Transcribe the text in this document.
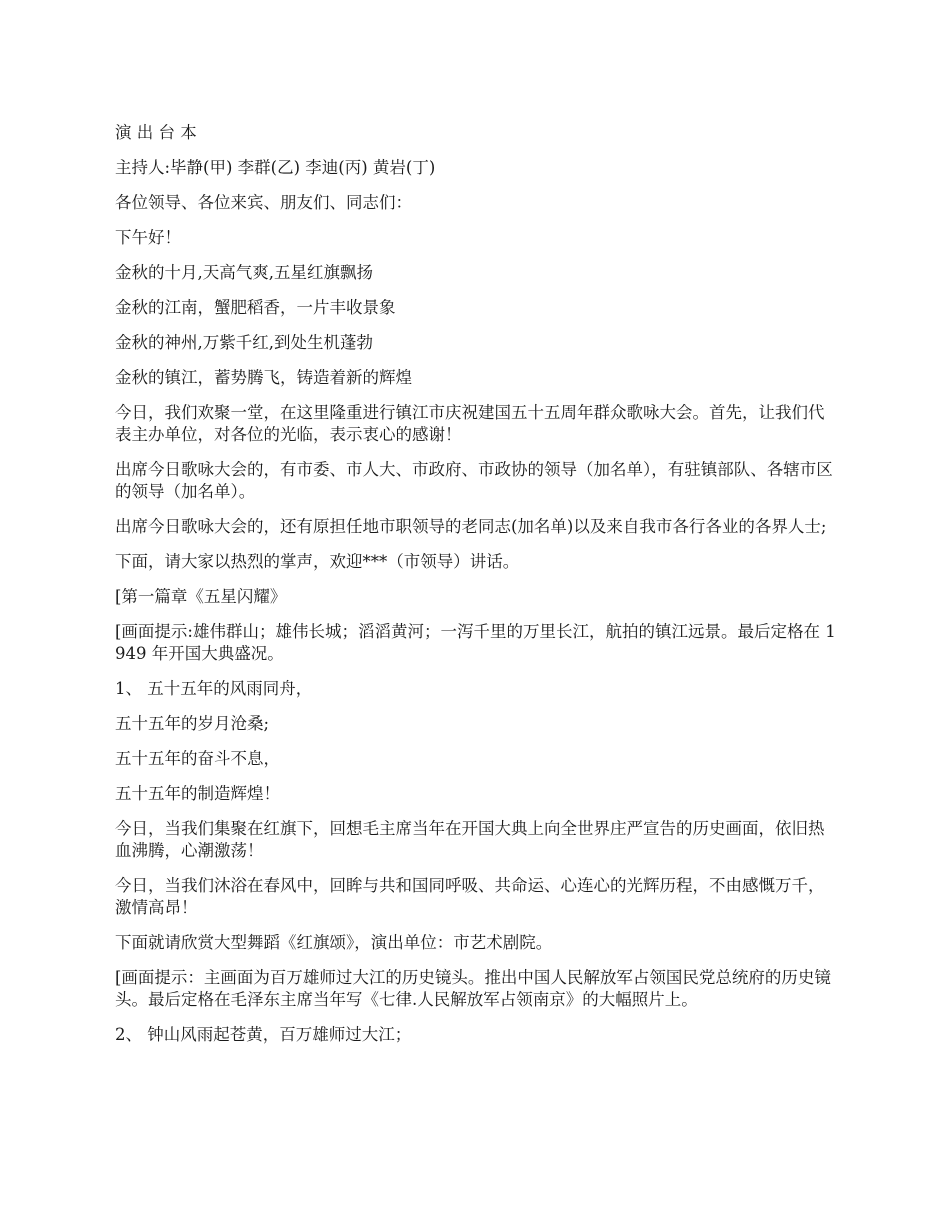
演 出 台 本

主持人:毕静(甲) 李群(乙) 李迪(丙) 黄岩(丁)

各位领导、各位来宾、朋友们、同志们：

下午好！

金秋的十月,天高气爽,五星红旗飘扬

金秋的江南，蟹肥稻香，一片丰收景象

金秋的神州,万紫千红,到处生机蓬勃

金秋的镇江，蓄势腾飞，铸造着新的辉煌

今日，我们欢聚一堂，在这里隆重进行镇江市庆祝建国五十五周年群众歌咏大会。首先，让我们代表主办单位，对各位的光临，表示衷心的感谢！

出席今日歌咏大会的，有市委、市人大、市政府、市政协的领导（加名单），有驻镇部队、各辖市区的领导（加名单）。

出席今日歌咏大会的，还有原担任地市职领导的老同志(加名单)以及来自我市各行各业的各界人士;

下面，请大家以热烈的掌声，欢迎***（市领导）讲话。

[第一篇章《五星闪耀》

[画面提示:雄伟群山；雄伟长城；滔滔黄河；一泻千里的万里长江，航拍的镇江远景。最后定格在 1949 年开国大典盛况。

1、 五十五年的风雨同舟，

五十五年的岁月沧桑;

五十五年的奋斗不息，

五十五年的制造辉煌！

今日，当我们集聚在红旗下，回想毛主席当年在开国大典上向全世界庄严宣告的历史画面，依旧热血沸腾，心潮激荡！

今日，当我们沐浴在春风中，回眸与共和国同呼吸、共命运、心连心的光辉历程，不由感慨万千，激情高昂！

下面就请欣赏大型舞蹈《红旗颂》，演出单位：市艺术剧院。

[画面提示：主画面为百万雄师过大江的历史镜头。推出中国人民解放军占领国民党总统府的历史镜头。最后定格在毛泽东主席当年写《七律.人民解放军占领南京》的大幅照片上。

2、 钟山风雨起苍黄，百万雄师过大江；
